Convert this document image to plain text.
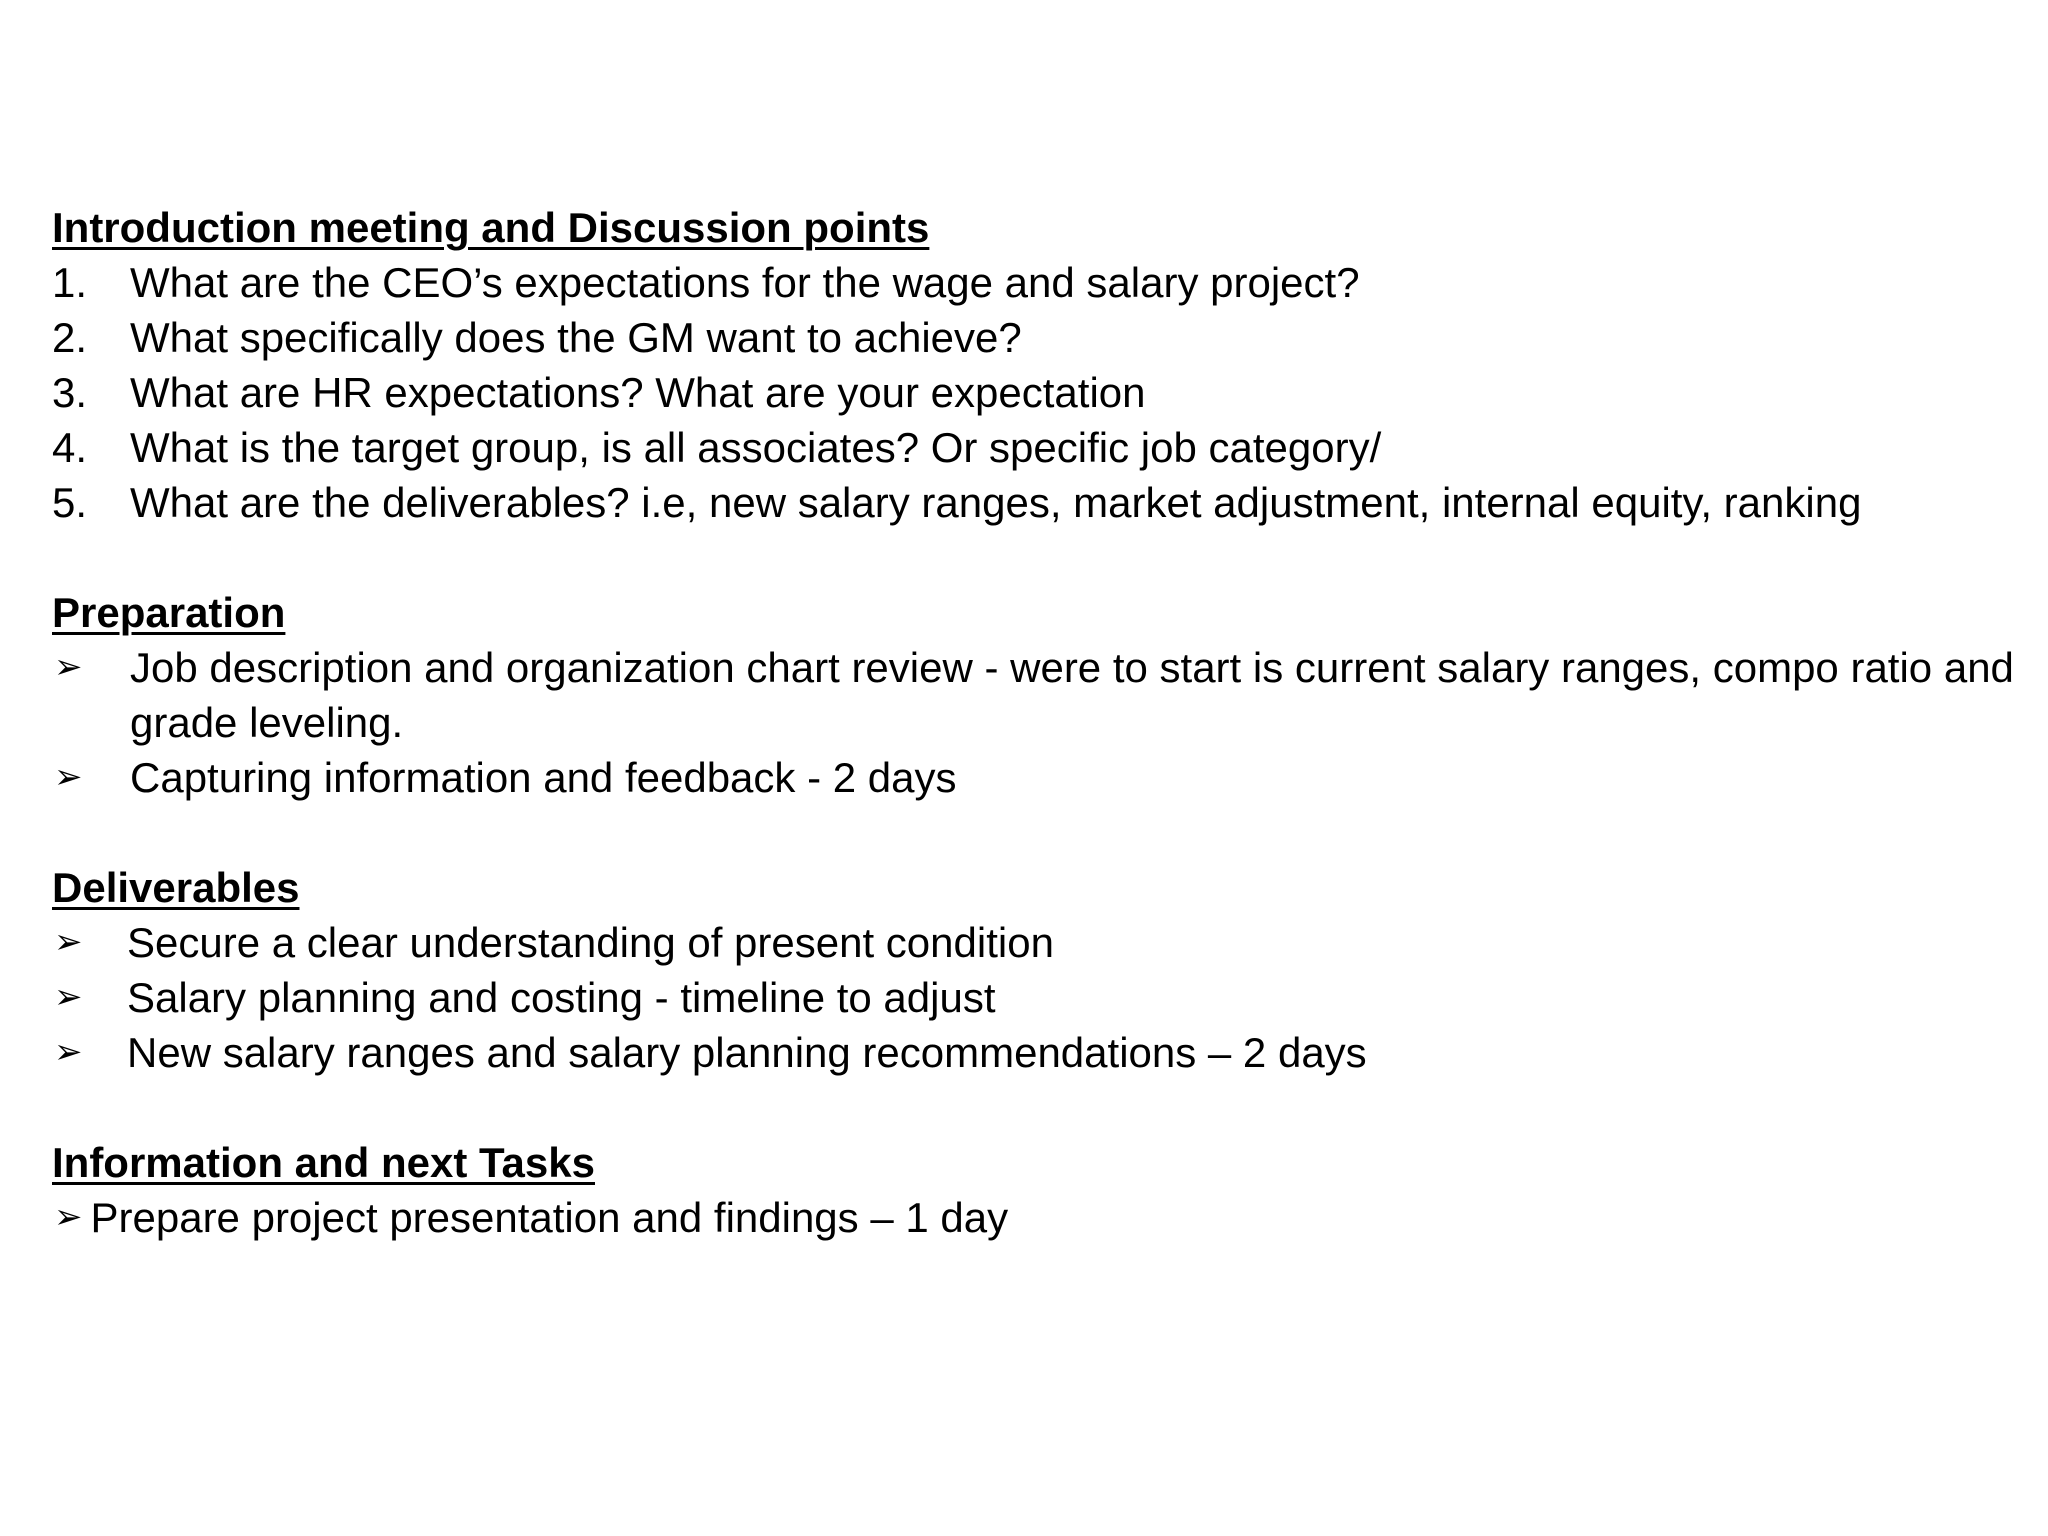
Introduction meeting and Discussion points
1.	What are the CEO’s expectations for the wage and salary project?
2.	What specifically does the GM want to achieve?
3.	What are HR expectations? What are your expectation
4.	What is the target group, is all associates? Or specific job category/
5.	What are the deliverables? i.e, new salary ranges, market adjustment, internal equity, ranking
Preparation
➢	Job description and organization chart review - were to start is current salary ranges, compo ratio and grade leveling.
➢	Capturing information and feedback - 2 days
Deliverables
➢	Secure a clear understanding of present condition
➢	Salary planning and costing - timeline to adjust
➢	New salary ranges and salary planning recommendations – 2 days
Information and next Tasks
➢ Prepare project presentation and findings – 1 day
